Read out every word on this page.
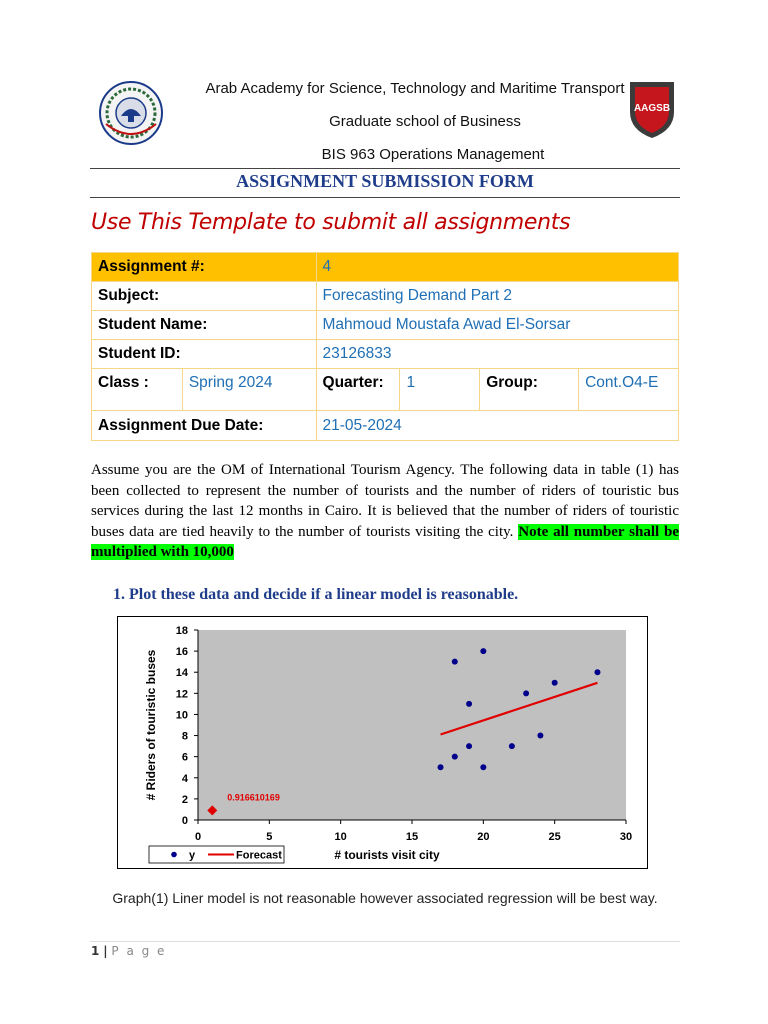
Arab Academy for Science, Technology and Maritime Transport
Graduate school of Business
BIS 963 Operations Management
AAGSB
ASSIGNMENT SUBMISSION FORM
Use This Template to submit all assignments
Assignment #:		4			
Subject:		Forecasting Demand Part 2			
Student Name:		Mahmoud Moustafa Awad El-Sorsar			
Student ID:		23126833			
Class :	Spring 2024	Quarter:	1	Group:	Cont.O4-E
Assignment Due Date:		21-05-2024			
Assume you are the OM of International Tourism Agency. The following data in table (1) has been collected to represent the number of tourists and the number of riders of touristic bus services during the last 12 months in Cairo. It is believed that the number of riders of touristic buses data are tied heavily to the number of tourists visiting the city. Note all number shall be multiplied with 10,000
1. Plot these data and decide if a linear model is reasonable.
0
2
4
6
8
10
12
14
16
18
0	5	10	15	20	25	30
0.916610169
# Riders of touristic buses
# tourists visit city
y	Forecast
Graph(1) Liner model is not reasonable however associated regression will be best way.
1 | P a g e
